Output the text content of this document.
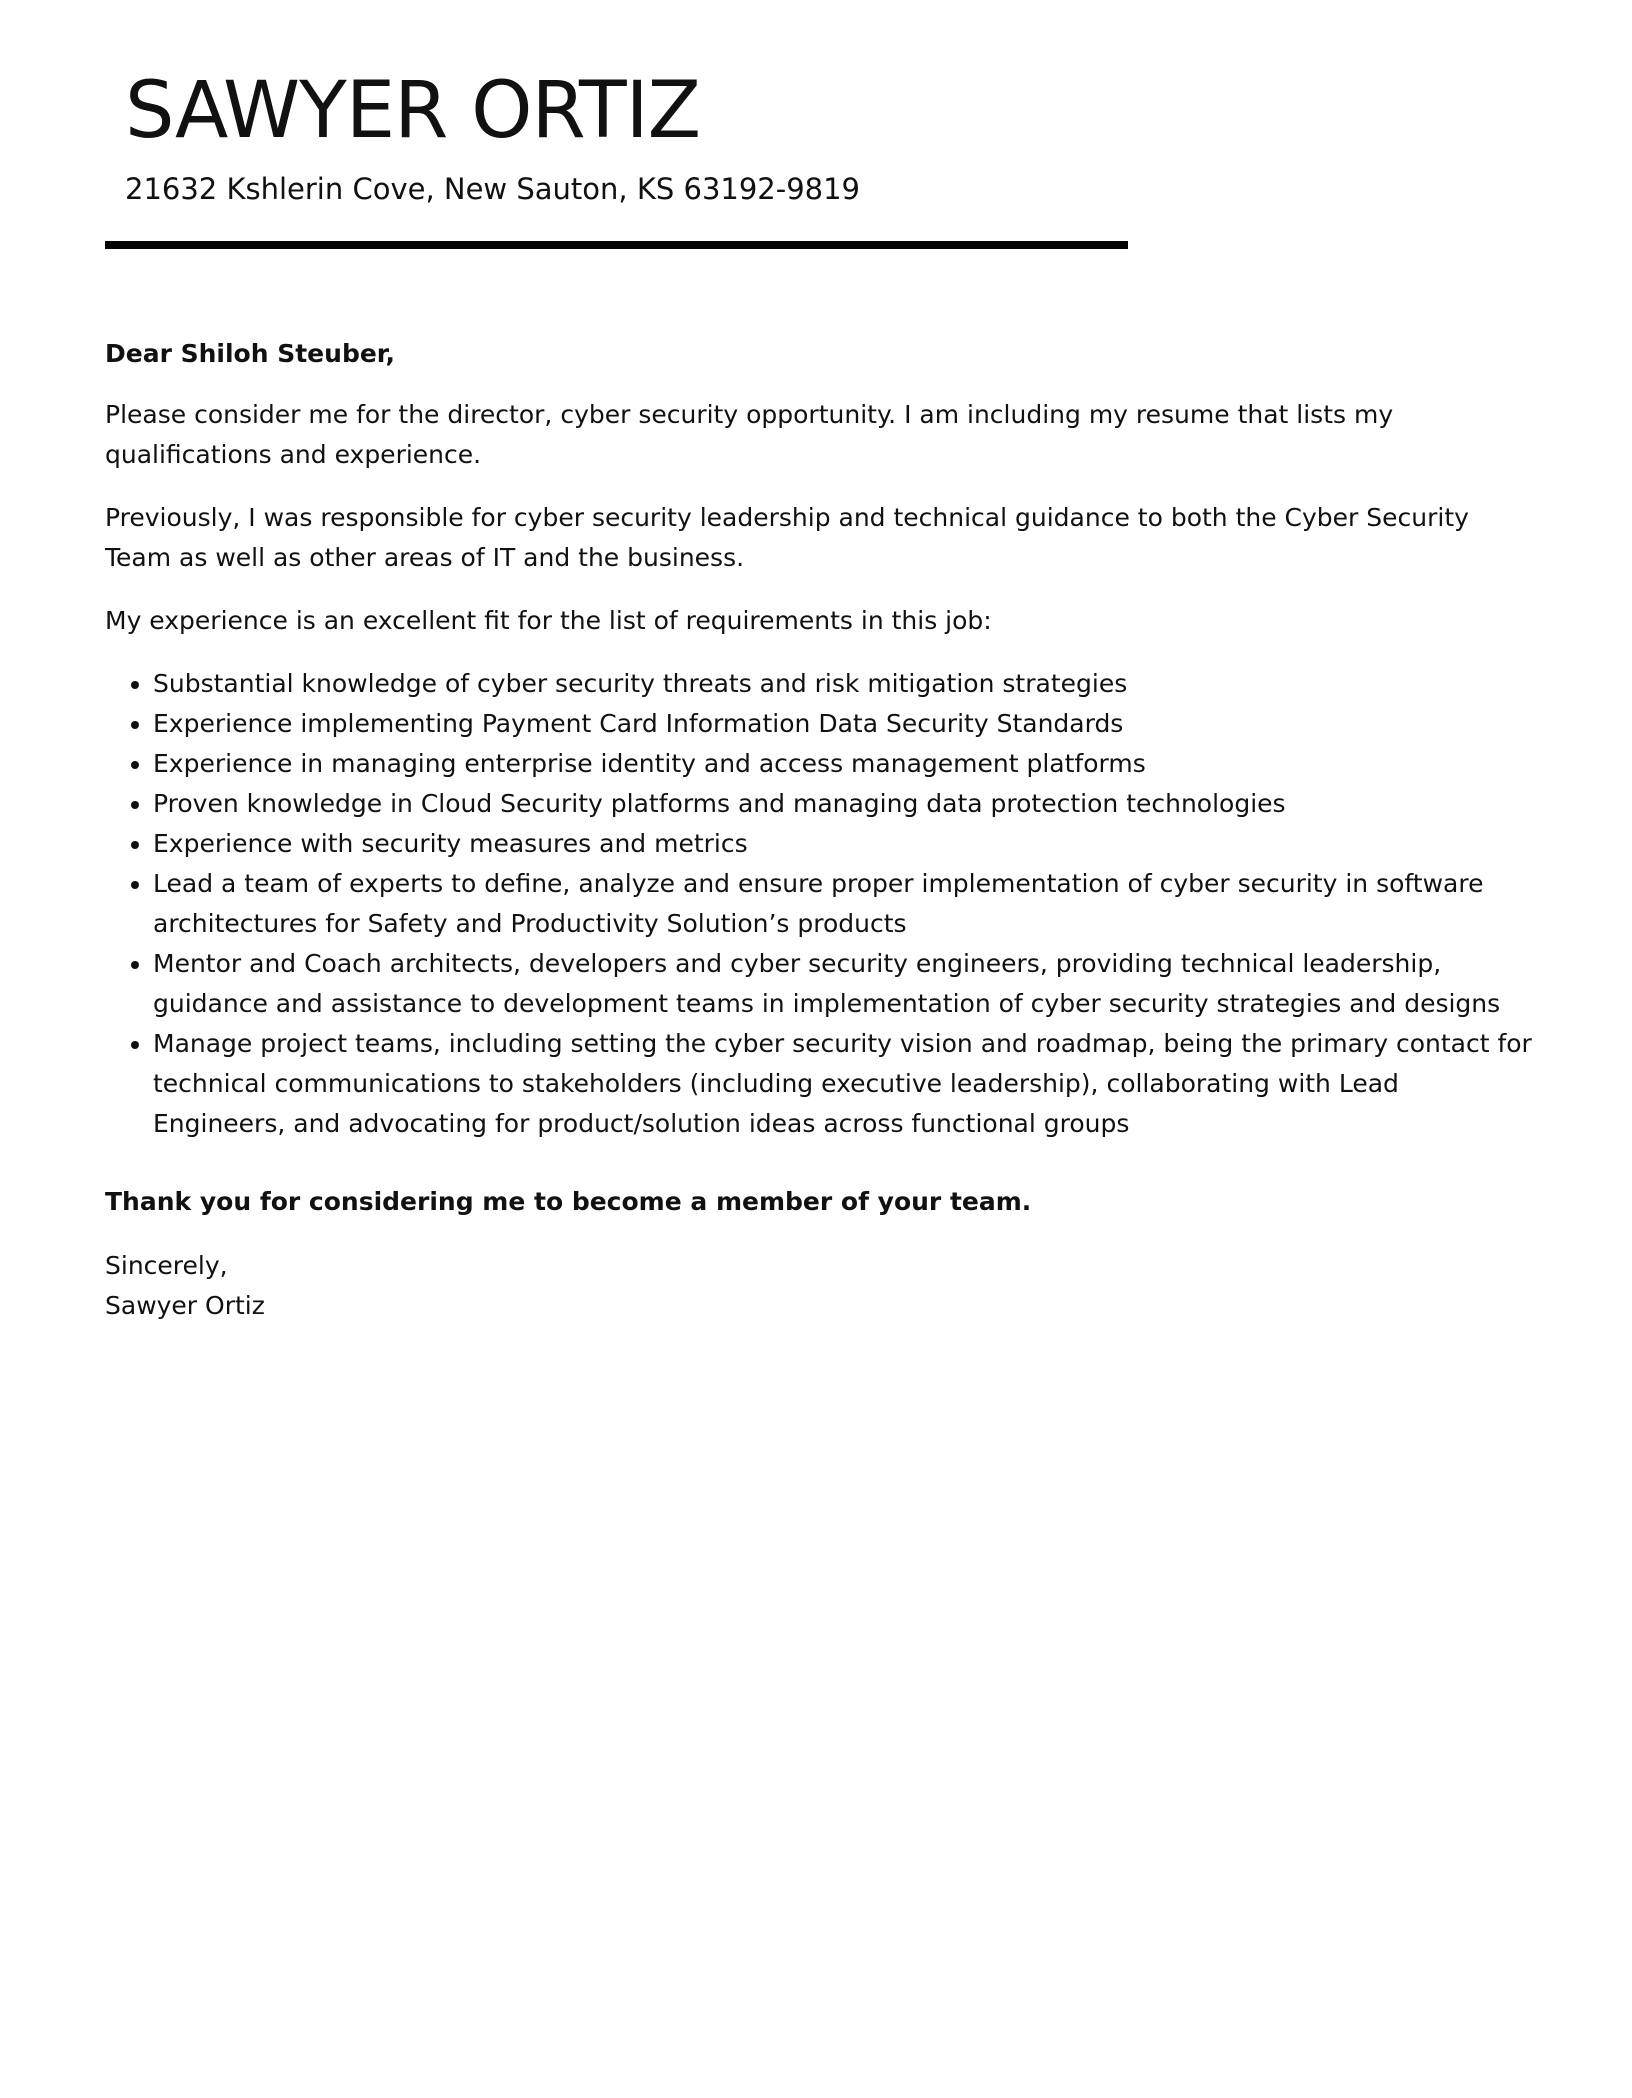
SAWYER ORTIZ
21632 Kshlerin Cove, New Sauton, KS 63192-9819

Dear Shiloh Steuber,

Please consider me for the director, cyber security opportunity. I am including my resume that lists my qualifications and experience.

Previously, I was responsible for cyber security leadership and technical guidance to both the Cyber Security Team as well as other areas of IT and the business.

My experience is an excellent fit for the list of requirements in this job:

• Substantial knowledge of cyber security threats and risk mitigation strategies
• Experience implementing Payment Card Information Data Security Standards
• Experience in managing enterprise identity and access management platforms
• Proven knowledge in Cloud Security platforms and managing data protection technologies
• Experience with security measures and metrics
• Lead a team of experts to define, analyze and ensure proper implementation of cyber security in software architectures for Safety and Productivity Solution’s products
• Mentor and Coach architects, developers and cyber security engineers, providing technical leadership, guidance and assistance to development teams in implementation of cyber security strategies and designs
• Manage project teams, including setting the cyber security vision and roadmap, being the primary contact for technical communications to stakeholders (including executive leadership), collaborating with Lead Engineers, and advocating for product/solution ideas across functional groups

Thank you for considering me to become a member of your team.

Sincerely,
Sawyer Ortiz
